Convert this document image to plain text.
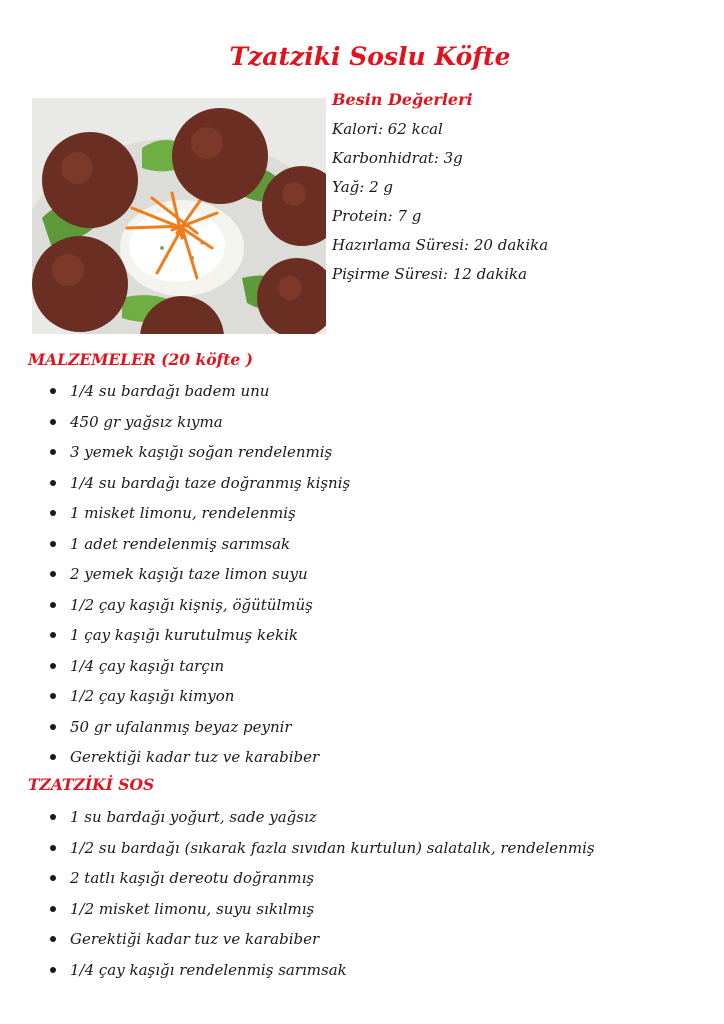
Tzatziki Soslu Köfte
Besin Değerleri
Kalori: 62 kcal
Karbonhidrat: 3g
Yağ: 2 g
Protein: 7 g
Hazırlama Süresi: 20 dakika
Pişirme Süresi: 12 dakika
MALZEMELER (20 köfte )
1/4 su bardağı badem unu
450 gr yağsız kıyma
3 yemek kaşığı soğan rendelenmiş
1/4 su bardağı taze doğranmış kişniş
1 misket limonu, rendelenmiş
1 adet rendelenmiş sarımsak
2 yemek kaşığı taze limon suyu
1/2 çay kaşığı kişniş, öğütülmüş
1 çay kaşığı kurutulmuş kekik
1/4 çay kaşığı tarçın
1/2 çay kaşığı kimyon
50 gr ufalanmış beyaz peynir
Gerektiği kadar tuz ve karabiber
TZATZİKİ SOS
1 su bardağı yoğurt, sade yağsız
1/2 su bardağı (sıkarak fazla sıvıdan kurtulun) salatalık, rendelenmiş
2 tatlı kaşığı dereotu doğranmış
1/2 misket limonu, suyu sıkılmış
Gerektiği kadar tuz ve karabiber
1/4 çay kaşığı rendelenmiş sarımsak
